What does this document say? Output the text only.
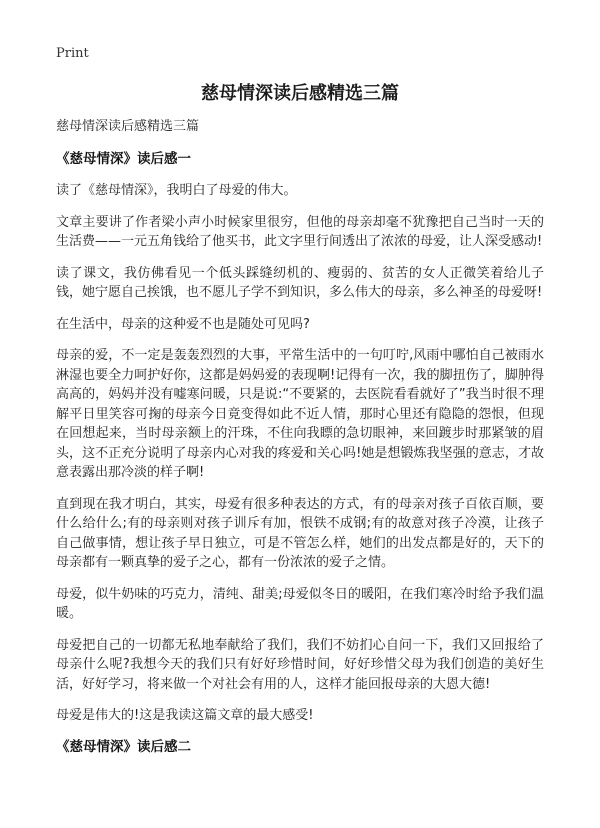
Print
慈母情深读后感精选三篇

慈母情深读后感精选三篇

《慈母情深》读后感一

读了《慈母情深》，我明白了母爱的伟大。

文章主要讲了作者梁小声小时候家里很穷，但他的母亲却毫不犹豫把自己当时一天的生活费——一元五角钱给了他买书，此文字里行间透出了浓浓的母爱，让人深受感动!

读了课文，我仿佛看见一个低头踩缝纫机的、瘦弱的、贫苦的女人正微笑着给儿子钱，她宁愿自己挨饿，也不愿儿子学不到知识，多么伟大的母亲，多么神圣的母爱呀!

在生活中，母亲的这种爱不也是随处可见吗?

母亲的爱，不一定是轰轰烈烈的大事，平常生活中的一句叮咛,风雨中哪怕自己被雨水淋湿也要全力呵护好你，这都是妈妈爱的表现啊!记得有一次，我的脚扭伤了，脚肿得高高的，妈妈并没有嘘寒问暖，只是说:“不要紧的，去医院看看就好了”我当时很不理解平日里笑容可掬的母亲今日竟变得如此不近人情，那时心里还有隐隐的怨恨，但现在回想起来，当时母亲额上的汗珠，不住向我瞟的急切眼神，来回踱步时那紧皱的眉头，这不正充分说明了母亲内心对我的疼爱和关心吗!她是想锻炼我坚强的意志，才故意表露出那冷淡的样子啊!

直到现在我才明白，其实，母爱有很多种表达的方式，有的母亲对孩子百依百顺，要什么给什么;有的母亲则对孩子训斥有加，恨铁不成钢;有的故意对孩子冷漠，让孩子自己做事情，想让孩子早日独立，可是不管怎么样，她们的出发点都是好的，天下的母亲都有一颗真挚的爱子之心，都有一份浓浓的爱子之情。

母爱，似牛奶味的巧克力，清纯、甜美;母爱似冬日的暖阳，在我们寒冷时给予我们温暖。

母爱把自己的一切都无私地奉献给了我们，我们不妨扪心自问一下，我们又回报给了母亲什么呢?我想今天的我们只有好好珍惜时间，好好珍惜父母为我们创造的美好生活，好好学习，将来做一个对社会有用的人，这样才能回报母亲的大恩大德!

母爱是伟大的!这是我读这篇文章的最大感受!

《慈母情深》读后感二
